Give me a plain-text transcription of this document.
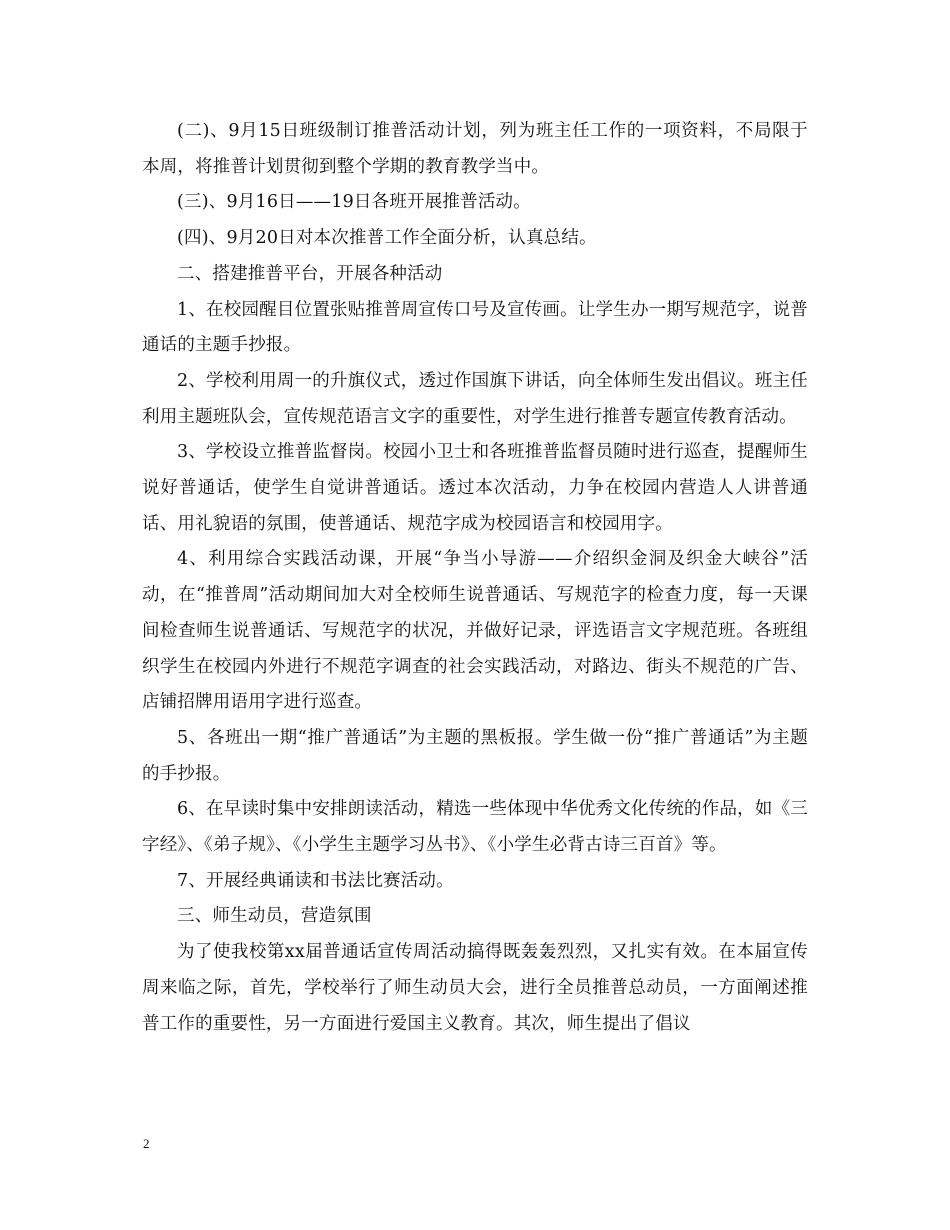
(二)、9月15日班级制订推普活动计划，列为班主任工作的一项资料，不局限于本周，将推普计划贯彻到整个学期的教育教学当中。

(三)、9月16日——19日各班开展推普活动。

(四)、9月20日对本次推普工作全面分析，认真总结。

二、搭建推普平台，开展各种活动

1、在校园醒目位置张贴推普周宣传口号及宣传画。让学生办一期写规范字，说普通话的主题手抄报。

2、学校利用周一的升旗仪式，透过作国旗下讲话，向全体师生发出倡议。班主任利用主题班队会，宣传规范语言文字的重要性，对学生进行推普专题宣传教育活动。

3、学校设立推普监督岗。校园小卫士和各班推普监督员随时进行巡查，提醒师生说好普通话，使学生自觉讲普通话。透过本次活动，力争在校园内营造人人讲普通话、用礼貌语的氛围，使普通话、规范字成为校园语言和校园用字。

4、利用综合实践活动课，开展“争当小导游——介绍织金洞及织金大峡谷”活动，在“推普周”活动期间加大对全校师生说普通话、写规范字的检查力度，每一天课间检查师生说普通话、写规范字的状况，并做好记录，评选语言文字规范班。各班组织学生在校园内外进行不规范字调查的社会实践活动，对路边、街头不规范的广告、店铺招牌用语用字进行巡查。

5、各班出一期“推广普通话”为主题的黑板报。学生做一份“推广普通话”为主题的手抄报。

6、在早读时集中安排朗读活动，精选一些体现中华优秀文化传统的作品，如《三字经》、《弟子规》、《小学生主题学习丛书》、《小学生必背古诗三百首》等。

7、开展经典诵读和书法比赛活动。

三、师生动员，营造氛围

为了使我校第xx届普通话宣传周活动搞得既轰轰烈烈，又扎实有效。在本届宣传周来临之际，首先，学校举行了师生动员大会，进行全员推普总动员，一方面阐述推普工作的重要性，另一方面进行爱国主义教育。其次，师生提出了倡议

2
